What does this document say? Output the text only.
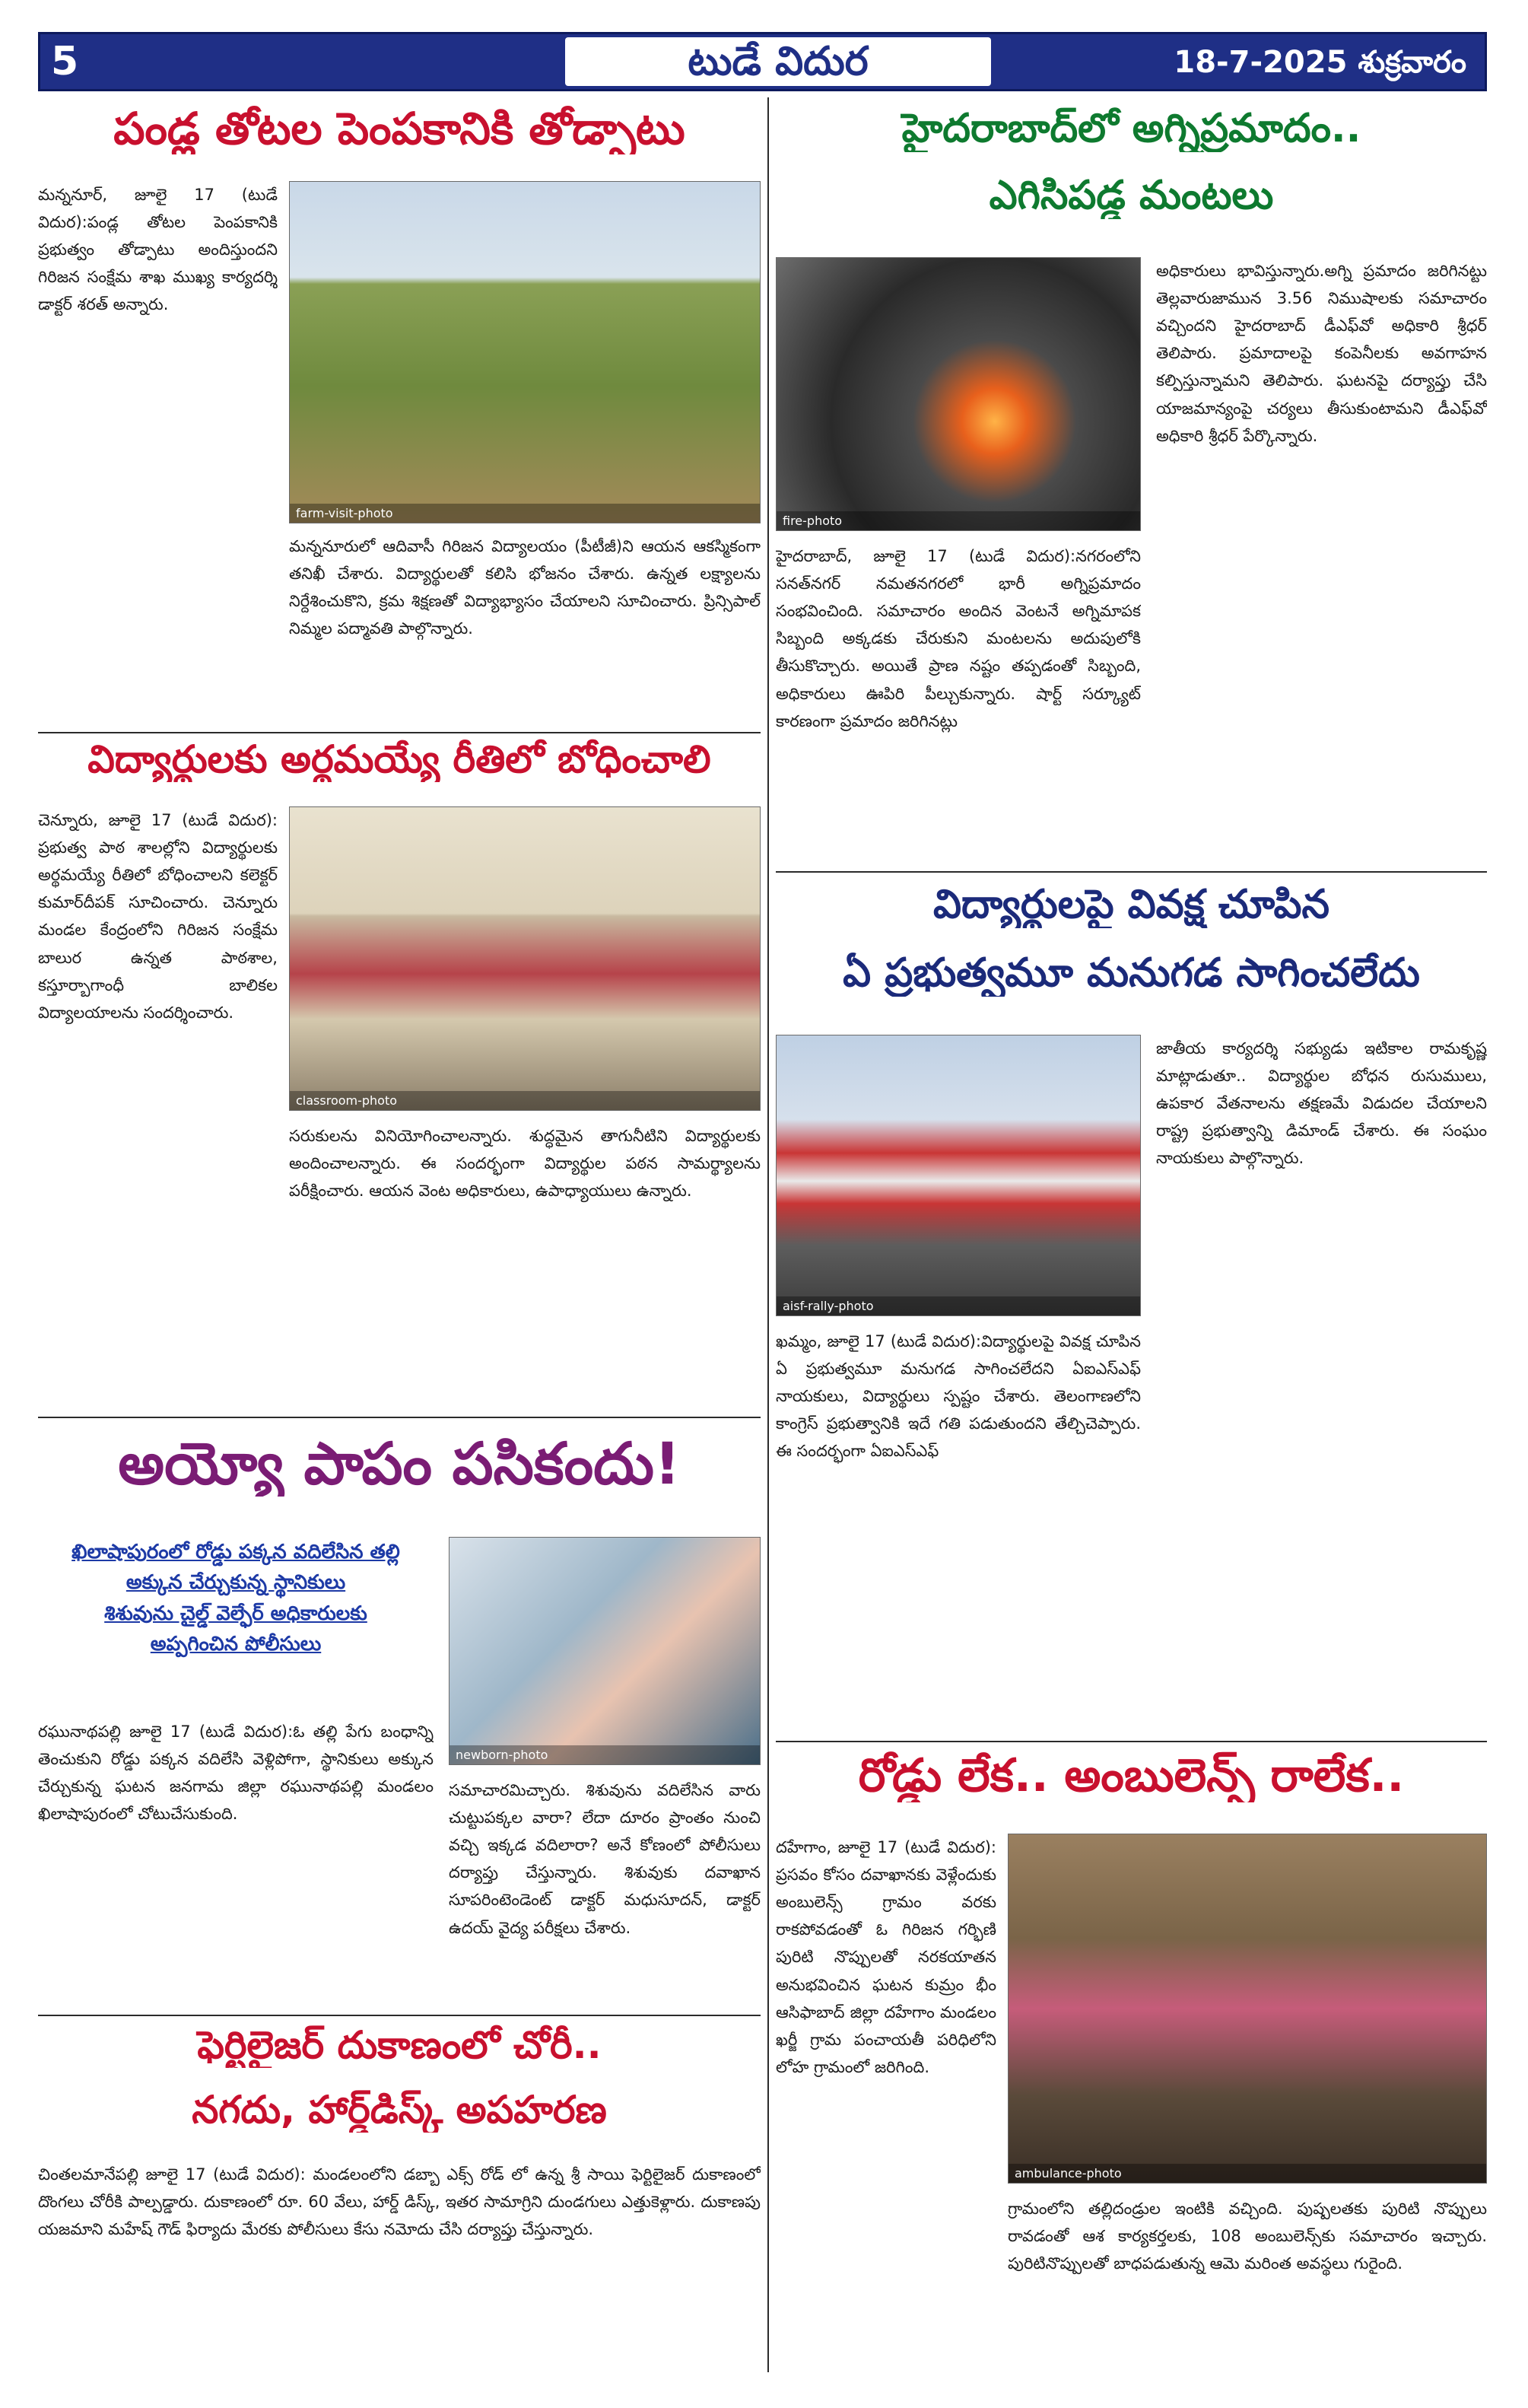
5	టుడే విదుర	18-7-2025 శుక్రవారం
పండ్ల తోటల పెంపకానికి తోడ్పాటు
మన్ననూర్, జూలై 17 (టుడే విదుర):పండ్ల తోటల పెంపకానికి ప్రభుత్వం తోడ్పాటు అందిస్తుందని గిరిజన సంక్షేమ శాఖ ముఖ్య కార్యదర్శి డాక్టర్ శరత్ అన్నారు.
farm-visit-photo
మన్ననూరులో ఆదివాసీ గిరిజన విద్యాలయం (పీటీజీ)ని ఆయన ఆకస్మికంగా తనిఖీ చేశారు. విద్యార్థులతో కలిసి భోజనం చేశారు. ఉన్నత లక్ష్యాలను నిర్దేశించుకొని, క్రమ శిక్షణతో విద్యాభ్యాసం చేయాలని సూచించారు. ప్రిన్సిపాల్ నిమ్మల పద్మావతి పాల్గొన్నారు.
హైదరాబాద్‌లో అగ్నిప్రమాదం..
ఎగిసిపడ్డ మంటలు
fire-photo
హైదరాబాద్, జూలై 17 (టుడే విదుర):నగరంలోని సనత్‌నగర్ నమతనగరలో భారీ అగ్నిప్రమాదం సంభవించింది. సమాచారం అందిన వెంటనే అగ్నిమాపక సిబ్బంది అక్కడకు చేరుకుని మంటలను అదుపులోకి తీసుకొచ్చారు. అయితే ప్రాణ నష్టం తప్పడంతో సిబ్బంది, అధికారులు ఊపిరి పీల్చుకున్నారు. షార్ట్ సర్క్యూట్ కారణంగా ప్రమాదం జరిగినట్లు
అధికారులు భావిస్తున్నారు.అగ్ని ప్రమాదం జరిగినట్టు తెల్లవారుజామున 3.56 నిముషాలకు సమాచారం వచ్చిందని హైదరాబాద్ డీఎఫ్‌వో అధికారి శ్రీధర్ తెలిపారు. ప్రమాదాలపై కంపెనీలకు అవగాహన కల్పిస్తున్నామని తెలిపారు. ఘటనపై దర్యాప్తు చేసి యాజమాన్యంపై చర్యలు తీసుకుంటామని డీఎఫ్‌వో అధికారి శ్రీధర్ పేర్కొన్నారు.
విద్యార్థులకు అర్థమయ్యే రీతిలో బోధించాలి
చెన్నూరు, జూలై 17 (టుడే విదుర): ప్రభుత్వ పాఠ శాలల్లోని విద్యార్థులకు అర్థమయ్యే రీతిలో బోధించాలని కలెక్టర్ కుమార్‌దీపక్ సూచించారు. చెన్నూరు మండల కేంద్రంలోని గిరిజన సంక్షేమ బాలుర ఉన్నత పాఠశాల, కస్తూర్బాగాంధీ బాలికల విద్యాలయాలను సందర్శించారు.
classroom-photo
సరుకులను వినియోగించాలన్నారు. శుద్ధమైన తాగునీటిని విద్యార్థులకు అందించాలన్నారు. ఈ సందర్భంగా విద్యార్థుల పఠన సామర్థ్యాలను పరీక్షించారు. ఆయన వెంట అధికారులు, ఉపాధ్యాయులు ఉన్నారు.
విద్యార్థులపై వివక్ష చూపిన
ఏ ప్రభుత్వమూ మనుగడ సాగించలేదు
aisf-rally-photo
ఖమ్మం, జూలై 17 (టుడే విదుర):విద్యార్థులపై వివక్ష చూపిన ఏ ప్రభుత్వమూ మనుగడ సాగించలేదని ఏఐఎస్‌ఎఫ్ నాయకులు, విద్యార్థులు స్పష్టం చేశారు. తెలంగాణలోని కాంగ్రెస్ ప్రభుత్వానికి ఇదే గతి పడుతుందని తేల్చిచెప్పారు. ఈ సందర్భంగా ఏఐఎస్‌ఎఫ్
జాతీయ కార్యదర్శి సభ్యుడు ఇటికాల రామకృష్ణ మాట్లాడుతూ.. విద్యార్థుల బోధన రుసుములు, ఉపకార వేతనాలను తక్షణమే విడుదల చేయాలని రాష్ట్ర ప్రభుత్వాన్ని డిమాండ్ చేశారు. ఈ సంఘం నాయకులు పాల్గొన్నారు.
అయ్యో పాపం పసికందు!
ఖిలాషాపురంలో రోడ్డు పక్కన వదిలేసిన తల్లి
అక్కున చేర్చుకున్న స్థానికులు
శిశువును చైల్డ్ వెల్ఫేర్ అధికారులకు
అప్పగించిన పోలీసులు
newborn-photo
రఘునాథపల్లి జూలై 17 (టుడే విదుర):ఓ తల్లి పేగు బంధాన్ని తెంచుకుని రోడ్డు పక్కన వదిలేసి వెళ్లిపోగా, స్థానికులు అక్కున చేర్చుకున్న ఘటన జనగామ జిల్లా రఘునాథపల్లి మండలం ఖిలాషాపురంలో చోటుచేసుకుంది.
సమాచారమిచ్చారు. శిశువును వదిలేసిన వారు చుట్టుపక్కల వారా? లేదా దూరం ప్రాంతం నుంచి వచ్చి ఇక్కడ వదిలారా? అనే కోణంలో పోలీసులు దర్యాప్తు చేస్తున్నారు. శిశువుకు దవాఖాన సూపరింటెండెంట్ డాక్టర్ మధుసూదన్, డాక్టర్ ఉదయ్ వైద్య పరీక్షలు చేశారు.
ఫెర్టిలైజర్ దుకాణంలో చోరీ..
నగదు, హార్డ్‌డిస్క్ అపహరణ
చింతలమానేపల్లి జూలై 17 (టుడే విదుర): మండలంలోని డబ్బా ఎక్స్ రోడ్ లో ఉన్న శ్రీ సాయి ఫెర్టిలైజర్ దుకాణంలో దొంగలు చోరీకి పాల్పడ్డారు. దుకాణంలో రూ. 60 వేలు, హార్డ్ డిస్క్, ఇతర సామాగ్రిని దుండగులు ఎత్తుకెళ్లారు. దుకాణపు యజమాని మహేష్ గౌడ్ ఫిర్యాదు మేరకు పోలీసులు కేసు నమోదు చేసి దర్యాప్తు చేస్తున్నారు.
రోడ్డు లేక.. అంబులెన్స్ రాలేక..
దహేగాం, జూలై 17 (టుడే విదుర): ప్రసవం కోసం దవాఖానకు వెళ్లేందుకు అంబులెన్స్ గ్రామం వరకు రాకపోవడంతో ఓ గిరిజన గర్భిణి పురిటి నొప్పులతో నరకయాతన అనుభవించిన ఘటన కుమ్రం భీం ఆసిఫాబాద్ జిల్లా దహేగాం మండలం ఖర్జీ గ్రామ పంచాయతీ పరిధిలోని లోహ గ్రామంలో జరిగింది.
ambulance-photo
గ్రామంలోని తల్లిదండ్రుల ఇంటికి వచ్చింది. పుష్పలతకు పురిటి నొప్పులు రావడంతో ఆశ కార్యకర్తలకు, 108 అంబులెన్స్‌కు సమాచారం ఇచ్చారు. పురిటినొప్పులతో బాధపడుతున్న ఆమె మరింత అవస్థలు గురైంది.
